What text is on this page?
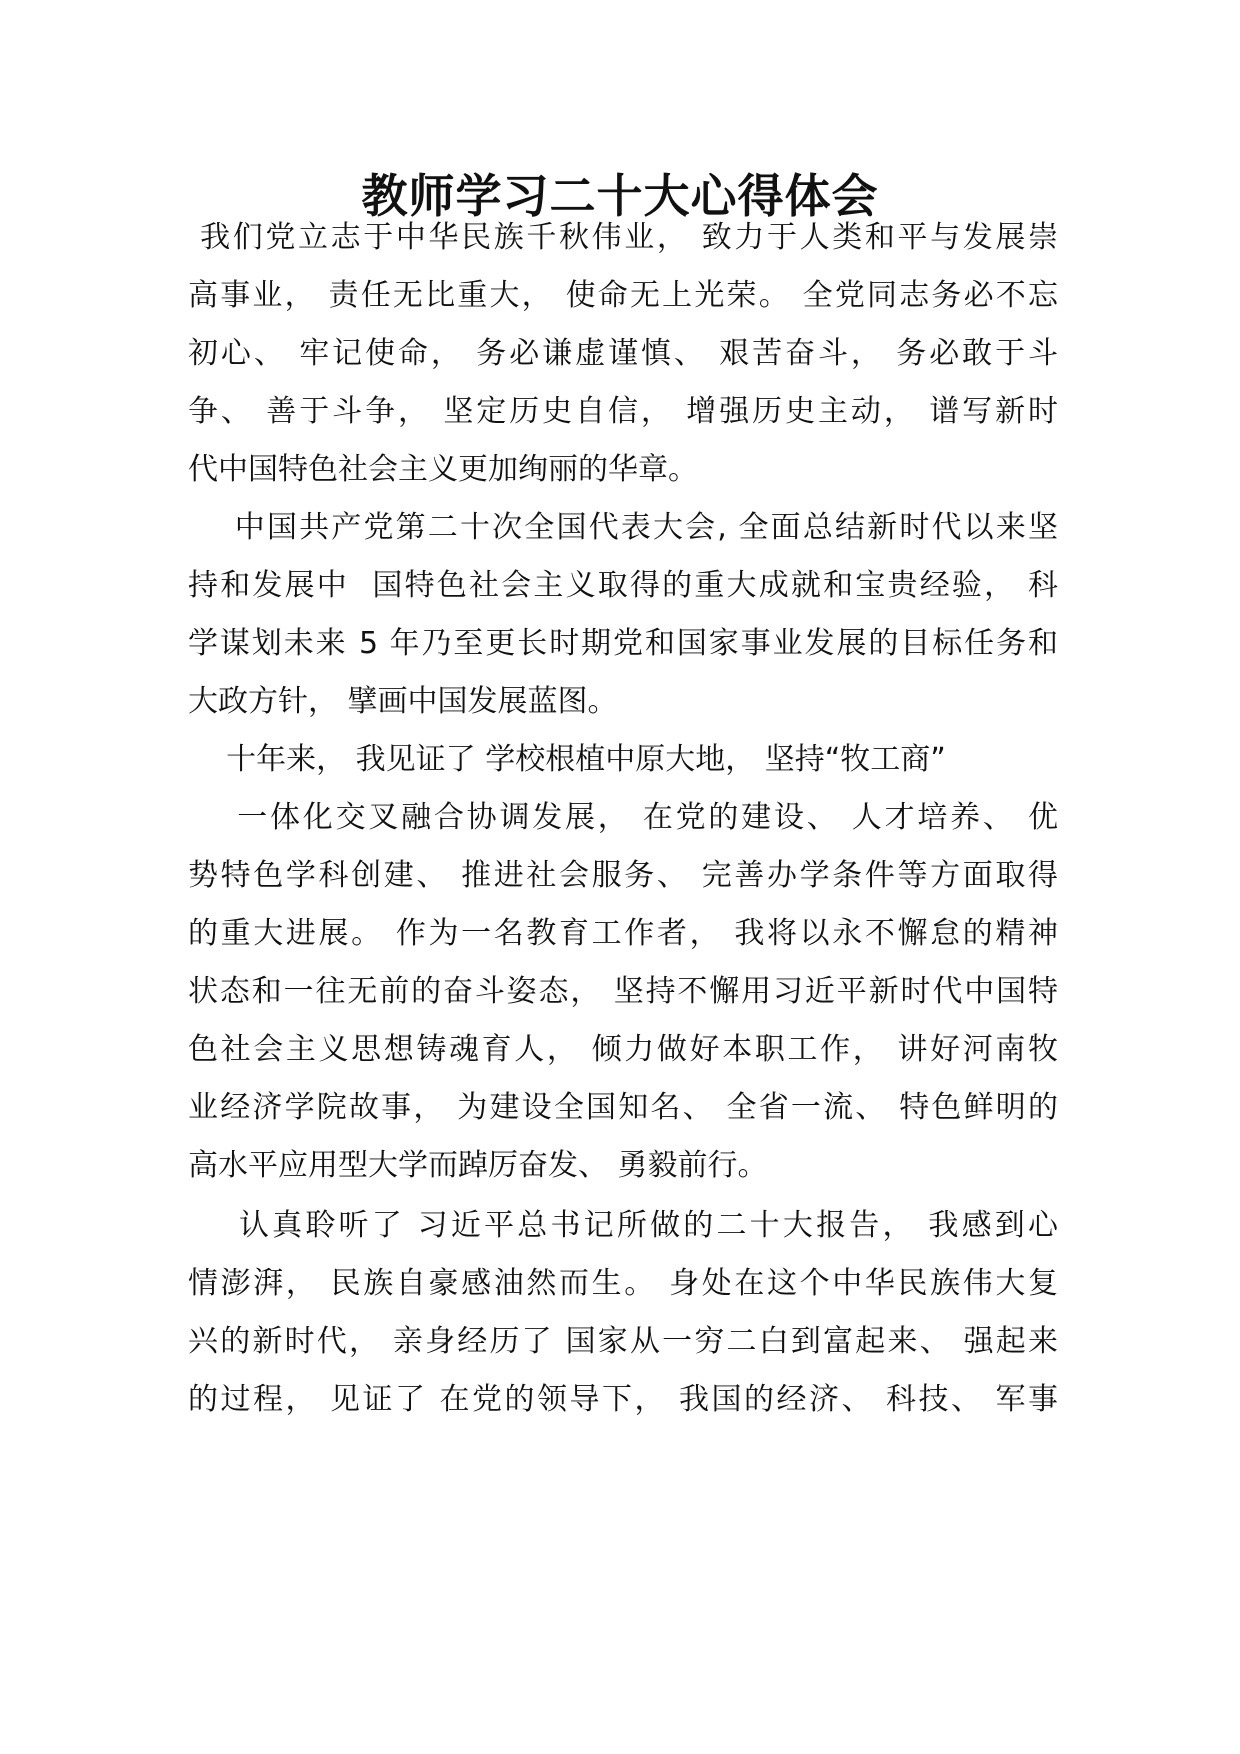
教师学习二十大心得体会

我们党立志于中华民族千秋伟业， 致力于人类和平与发展崇

高事业， 责任无比重大， 使命无上光荣。 全党同志务必不忘

初心、 牢记使命， 务必谦虚谨慎、 艰苦奋斗， 务必敢于斗

争、 善于斗争， 坚定历史自信， 增强历史主动， 谱写新时

代中国特色社会主义更加绚丽的华章。

中国共产党第二十次全国代表大会, 全面总结新时代以来坚

持和发展中  国特色社会主义取得的重大成就和宝贵经验， 科

学谋划未来 5 年乃至更长时期党和国家事业发展的目标任务和

大政方针， 擘画中国发展蓝图。

十年来， 我见证了 学校根植中原大地， 坚持“牧工商”

一体化交叉融合协调发展， 在党的建设、 人才培养、 优

势特色学科创建、 推进社会服务、 完善办学条件等方面取得

的重大进展。 作为一名教育工作者， 我将以永不懈怠的精神

状态和一往无前的奋斗姿态， 坚持不懈用习近平新时代中国特

色社会主义思想铸魂育人， 倾力做好本职工作， 讲好河南牧

业经济学院故事， 为建设全国知名、 全省一流、 特色鲜明的

高水平应用型大学而踔厉奋发、 勇毅前行。

认真聆听了 习近平总书记所做的二十大报告， 我感到心

情澎湃， 民族自豪感油然而生。 身处在这个中华民族伟大复

兴的新时代， 亲身经历了 国家从一穷二白到富起来、 强起来

的过程， 见证了 在党的领导下， 我国的经济、 科技、 军事
